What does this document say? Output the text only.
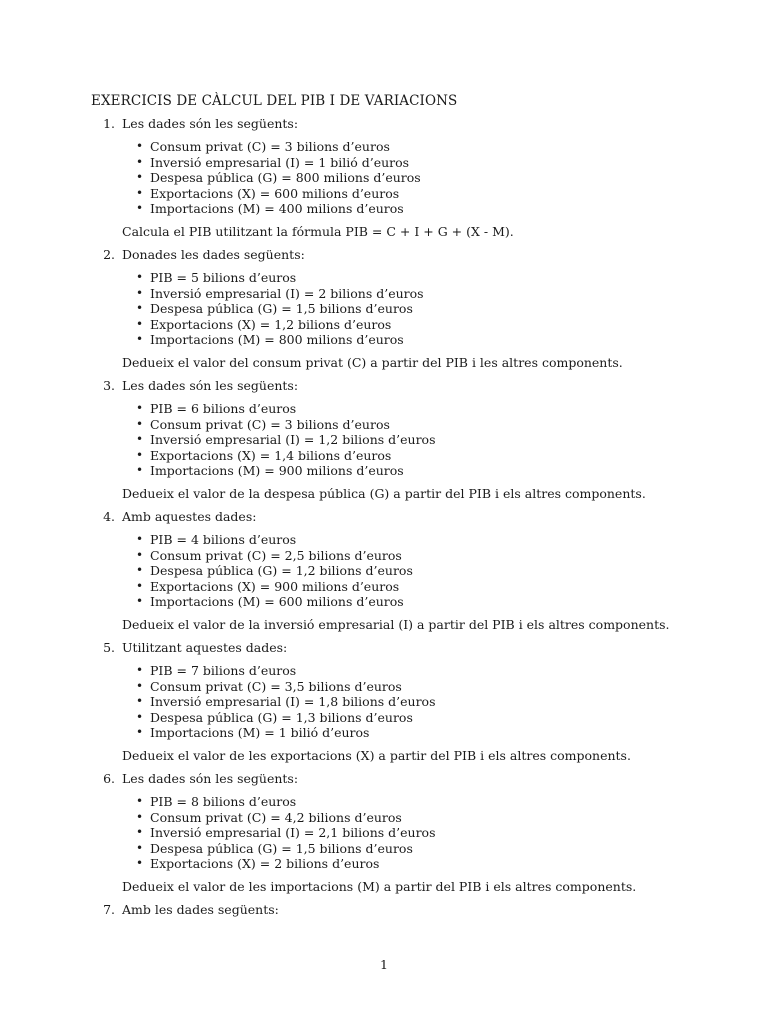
EXERCICIS DE CÀLCUL DEL PIB I DE VARIACIONS
1. Les dades són les següents:
• Consum privat (C) = 3 bilions d’euros
• Inversió empresarial (I) = 1 bilió d’euros
• Despesa pública (G) = 800 milions d’euros
• Exportacions (X) = 600 milions d’euros
• Importacions (M) = 400 milions d’euros
Calcula el PIB utilitzant la fórmula PIB = C + I + G + (X - M).
2. Donades les dades següents:
• PIB = 5 bilions d’euros
• Inversió empresarial (I) = 2 bilions d’euros
• Despesa pública (G) = 1,5 bilions d’euros
• Exportacions (X) = 1,2 bilions d’euros
• Importacions (M) = 800 milions d’euros
Dedueix el valor del consum privat (C) a partir del PIB i les altres components.
3. Les dades són les següents:
• PIB = 6 bilions d’euros
• Consum privat (C) = 3 bilions d’euros
• Inversió empresarial (I) = 1,2 bilions d’euros
• Exportacions (X) = 1,4 bilions d’euros
• Importacions (M) = 900 milions d’euros
Dedueix el valor de la despesa pública (G) a partir del PIB i els altres components.
4. Amb aquestes dades:
• PIB = 4 bilions d’euros
• Consum privat (C) = 2,5 bilions d’euros
• Despesa pública (G) = 1,2 bilions d’euros
• Exportacions (X) = 900 milions d’euros
• Importacions (M) = 600 milions d’euros
Dedueix el valor de la inversió empresarial (I) a partir del PIB i els altres components.
5. Utilitzant aquestes dades:
• PIB = 7 bilions d’euros
• Consum privat (C) = 3,5 bilions d’euros
• Inversió empresarial (I) = 1,8 bilions d’euros
• Despesa pública (G) = 1,3 bilions d’euros
• Importacions (M) = 1 bilió d’euros
Dedueix el valor de les exportacions (X) a partir del PIB i els altres components.
6. Les dades són les següents:
• PIB = 8 bilions d’euros
• Consum privat (C) = 4,2 bilions d’euros
• Inversió empresarial (I) = 2,1 bilions d’euros
• Despesa pública (G) = 1,5 bilions d’euros
• Exportacions (X) = 2 bilions d’euros
Dedueix el valor de les importacions (M) a partir del PIB i els altres components.
7. Amb les dades següents:
1
